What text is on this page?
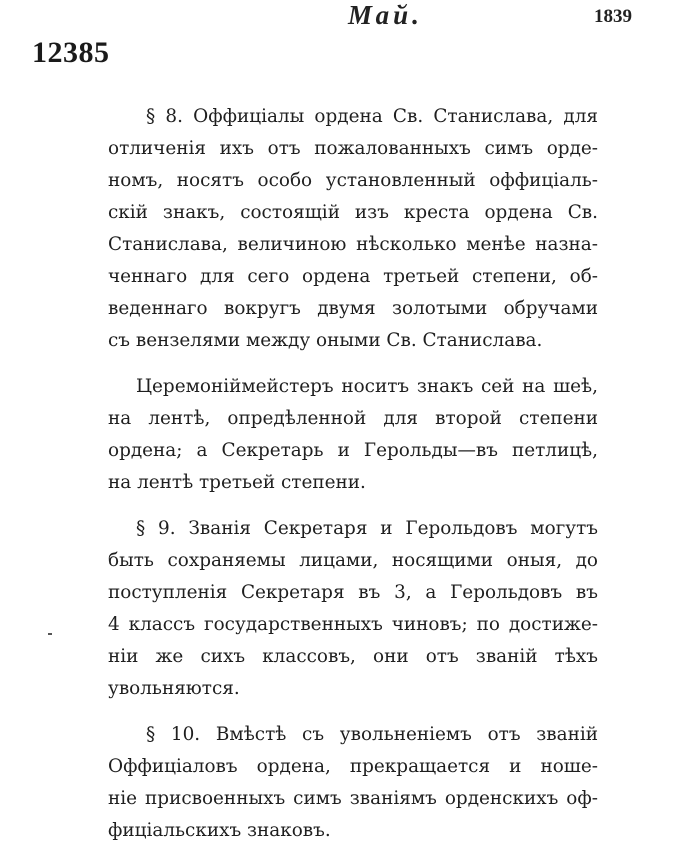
Май.	1839
12385
§ 8. Оффиціалы ордена Св. Станислава, для
отличенія ихъ отъ пожалованныхъ симъ орде-
номъ, носятъ особо установленный оффиціаль-
скій знакъ, состоящій изъ креста ордена Св.
Станислава, величиною нѣсколько менѣе назна-
ченнаго для сего ордена третьей степени, об-
веденнаго вокругъ двумя золотыми обручами
съ вензелями между оными Св. Станислава.
Церемоніймейстеръ носитъ знакъ сей на шеѣ,
на лентѣ, опредѣленной для второй степени
ордена; а Секретарь и Герольды—въ петлицѣ,
на лентѣ третьей степени.
§ 9. Званія Секретаря и Герольдовъ могутъ
быть сохраняемы лицами, носящими оныя, до
поступленія Секретаря въ 3, а Герольдовъ въ
4 классъ государственныхъ чиновъ; по достиже-
ніи же сихъ классовъ, они отъ званій тѣхъ
увольняются.
§ 10. Вмѣстѣ съ увольненіемъ отъ званій
Оффиціаловъ ордена, прекращается и ноше-
ніе присвоенныхъ симъ званіямъ орденскихъ оф-
фиціальскихъ знаковъ.
